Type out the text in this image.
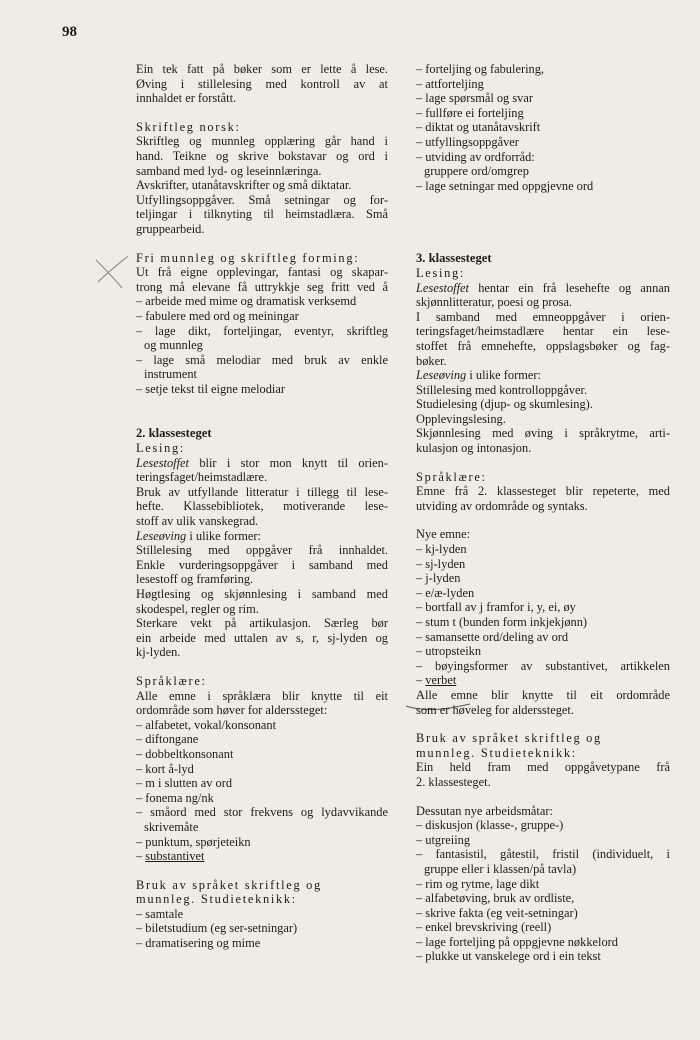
98
Ein tek fatt på bøker som er lette å lese.
Øving i stillelesing med kontroll av at
innhaldet er forstått.
Skriftleg norsk:
Skriftleg og munnleg opplæring går hand i
hand. Teikne og skrive bokstavar og ord i
samband med lyd- og leseinnlæringa.
Avskrifter, utanåtavskrifter og små diktatar.
Utfyllingsoppgåver. Små setningar og for-
teljingar i tilknyting til heimstadlæra. Små
gruppearbeid.
Fri munnleg og skriftleg forming:
Ut frå eigne opplevingar, fantasi og skapar-
trong må elevane få uttrykkje seg fritt ved å
– arbeide med mime og dramatisk verksemd
– fabulere med ord og meiningar
– lage dikt, forteljingar, eventyr, skriftleg
og munnleg
– lage små melodiar med bruk av enkle
instrument
– setje tekst til eigne melodiar
2. klassesteget
Lesing:
Lesestoffet blir i stor mon knytt til orien-
teringsfaget/heimstadlære.
Bruk av utfyllande litteratur i tillegg til lese-
hefte. Klassebibliotek, motiverande lese-
stoff av ulik vanskegrad.
Leseøving i ulike former:
Stillelesing med oppgåver frå innhaldet.
Enkle vurderingsoppgåver i samband med
lesestoff og framføring.
Høgtlesing og skjønnlesing i samband med
skodespel, regler og rim.
Sterkare vekt på artikulasjon. Særleg bør
ein arbeide med uttalen av s, r, sj-lyden og
kj-lyden.
Språklære:
Alle emne i språklæra blir knytte til eit
ordområde som høver for alderssteget:
– alfabetet, vokal/konsonant
– diftongane
– dobbeltkonsonant
– kort å-lyd
– m i slutten av ord
– fonema ng/nk
– småord med stor frekvens og lydavvikande
skrivemåte
– punktum, spørjeteikn
– substantivet
Bruk av språket skriftleg og
munnleg. Studieteknikk:
– samtale
– biletstudium (eg ser-setningar)
– dramatisering og mime
– forteljing og fabulering,
– attforteljing
– lage spørsmål og svar
– fullføre ei forteljing
– diktat og utanåtavskrift
– utfyllingsoppgåver
– utviding av ordforråd:
gruppere ord/omgrep
– lage setningar med oppgjevne ord
3. klassesteget
Lesing:
Lesestoffet hentar ein frå lesehefte og annan
skjønnlitteratur, poesi og prosa.
I samband med emneoppgåver i orien-
teringsfaget/heimstadlære hentar ein lese-
stoffet frå emnehefte, oppslagsbøker og fag-
bøker.
Leseøving i ulike former:
Stillelesing med kontrolloppgåver.
Studielesing (djup- og skumlesing).
Opplevingslesing.
Skjønnlesing med øving i språkrytme, arti-
kulasjon og intonasjon.
Språklære:
Emne frå 2. klassesteget blir repeterte, med
utviding av ordområde og syntaks.
Nye emne:
– kj-lyden
– sj-lyden
– j-lyden
– e/æ-lyden
– bortfall av j framfor i, y, ei, øy
– stum t (bunden form inkjekjønn)
– samansette ord/deling av ord
– utropsteikn
– bøyingsformer av substantivet, artikkelen
– verbet
Alle emne blir knytte til eit ordområde
som er høveleg for alderssteget.
Bruk av språket skriftleg og
munnleg. Studieteknikk:
Ein held fram med oppgåvetypane frå
2. klassesteget.
Dessutan nye arbeidsmåtar:
– diskusjon (klasse-, gruppe-)
– utgreiing
– fantasistil, gåtestil, fristil (individuelt, i
gruppe eller i klassen/på tavla)
– rim og rytme, lage dikt
– alfabetøving, bruk av ordliste,
– skrive fakta (eg veit-setningar)
– enkel brevskriving (reell)
– lage forteljing på oppgjevne nøkkelord
– plukke ut vanskelege ord i ein tekst
